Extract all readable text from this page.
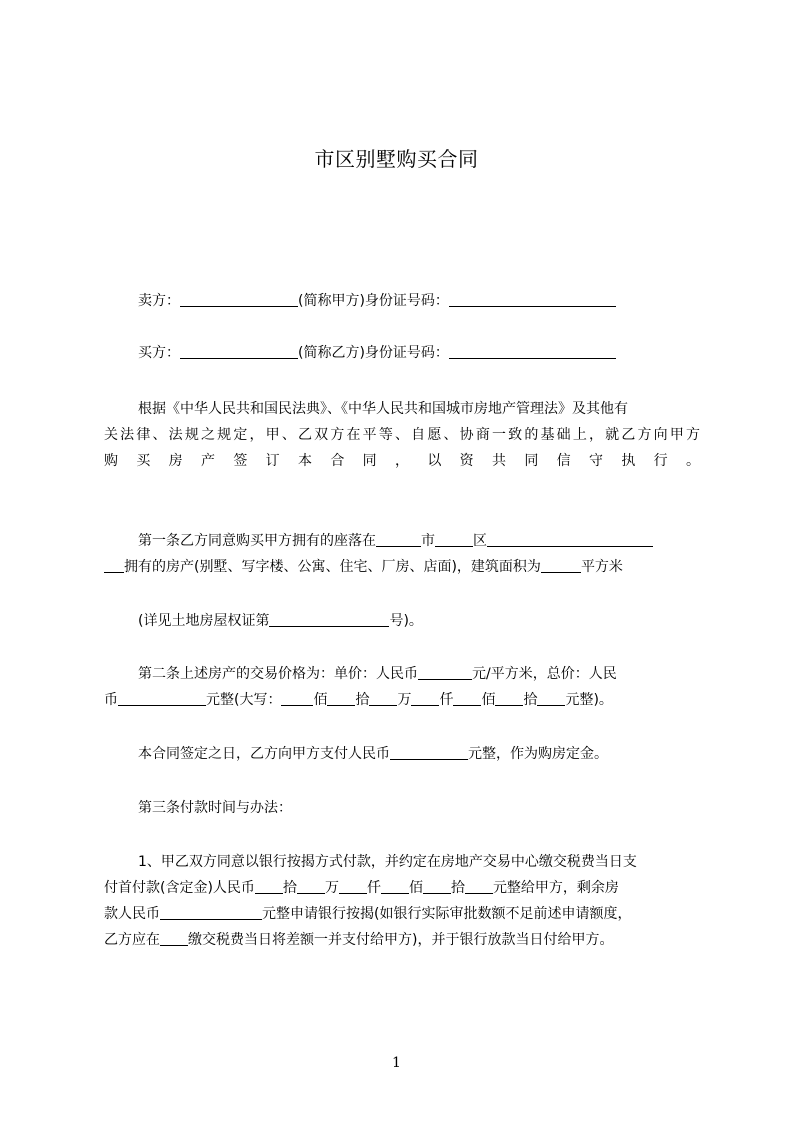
市区别墅购买合同

卖方：	(简称甲方)身份证号码：

买方：	(简称乙方)身份证号码：

根据《中华人民共和国民法典》、《中华人民共和国城市房地产管理法》及其他有

关法律、法规之规定，甲、乙双方在平等、自愿、协商一致的基础上，就乙方向甲方

购买房产签订本合同，以资共同信守执行。

第一条乙方同意购买甲方拥有的座落在	市	区

拥有的房产(别墅、写字楼、公寓、住宅、厂房、店面)，建筑面积为	平方米

(详见土地房屋权证第	号)。

第二条上述房产的交易价格为：单价：人民币	元/平方米，总价：人民

币	元整(大写： 佰 拾 万 仟 佰 拾 元整)。

本合同签定之日，乙方向甲方支付人民币	元整，作为购房定金。

第三条付款时间与办法：

1、甲乙双方同意以银行按揭方式付款，并约定在房地产交易中心缴交税费当日支

付首付款(含定金)人民币 拾 万 仟 佰 拾 元整给甲方，剩余房

款人民币	元整申请银行按揭(如银行实际审批数额不足前述申请额度，

乙方应在 缴交税费当日将差额一并支付给甲方)，并于银行放款当日付给甲方。

1
